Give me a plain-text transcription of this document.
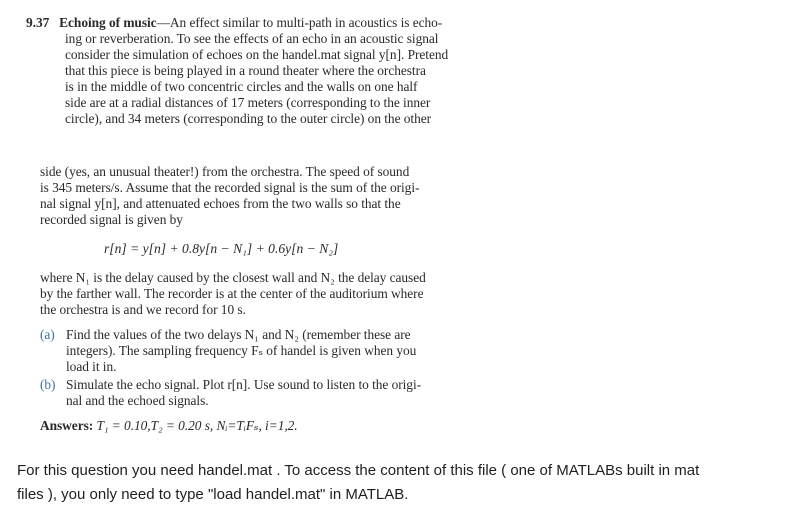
9.37 Echoing of music—An effect similar to multi-path in acoustics is echo-
ing or reverberation. To see the effects of an echo in an acoustic signal
consider the simulation of echoes on the handel.mat signal y[n]. Pretend
that this piece is being played in a round theater where the orchestra
is in the middle of two concentric circles and the walls on one half
side are at a radial distances of 17 meters (corresponding to the inner
circle), and 34 meters (corresponding to the outer circle) on the other
side (yes, an unusual theater!) from the orchestra. The speed of sound
is 345 meters/s. Assume that the recorded signal is the sum of the origi-
nal signal y[n], and attenuated echoes from the two walls so that the
recorded signal is given by
r[n] = y[n] + 0.8y[n − N₁] + 0.6y[n − N₂]
where N₁ is the delay caused by the closest wall and N₂ the delay caused
by the farther wall. The recorder is at the center of the auditorium where
the orchestra is and we record for 10 s.
(a) Find the values of the two delays N₁ and N₂ (remember these are
integers). The sampling frequency Fₛ of handel is given when you
load it in.
(b) Simulate the echo signal. Plot r[n]. Use sound to listen to the origi-
nal and the echoed signals.
Answers: T₁ = 0.10,T₂ = 0.20 s, Nᵢ=TᵢFₛ, i=1,2.
For this question you need handel.mat . To access the content of this file ( one of MATLABs built in mat
files ), you only need to type "load handel.mat" in MATLAB.
